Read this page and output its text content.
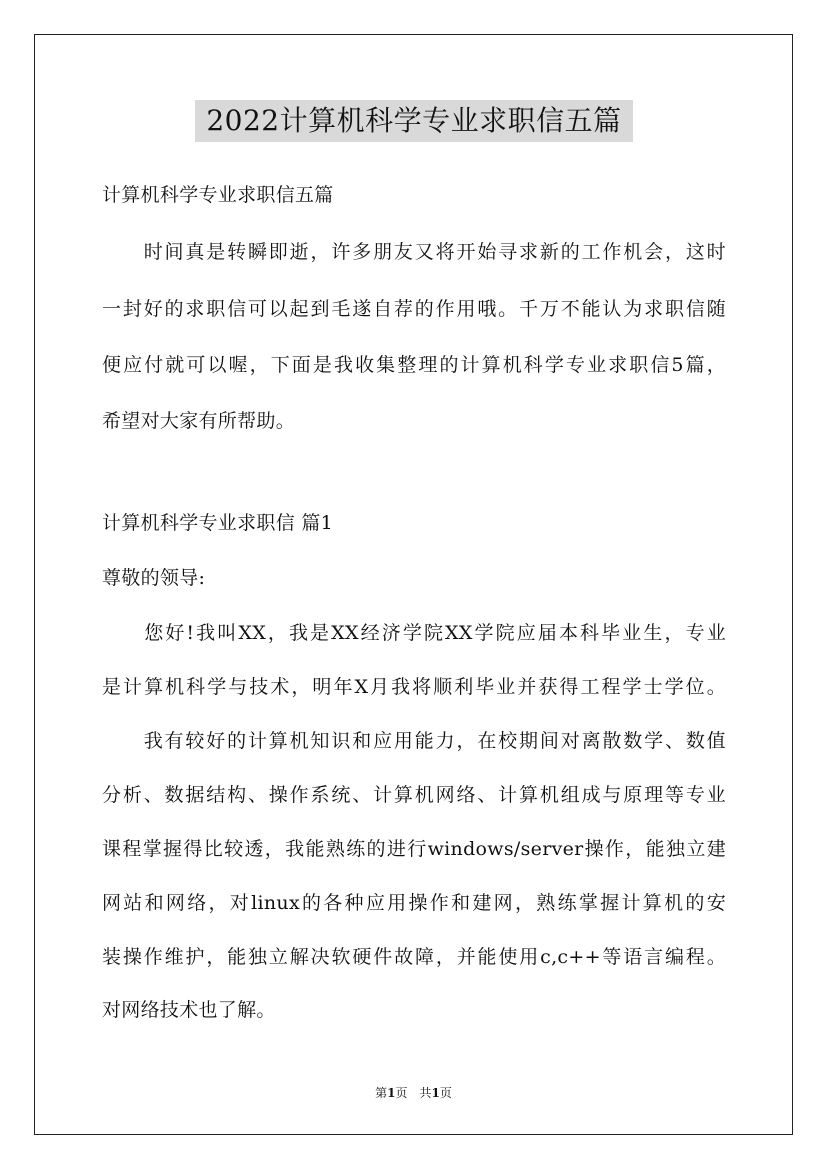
2022计算机科学专业求职信五篇
计算机科学专业求职信五篇
　　时间真是转瞬即逝，许多朋友又将开始寻求新的工作机会，这时
一封好的求职信可以起到毛遂自荐的作用哦。千万不能认为求职信随
便应付就可以喔，下面是我收集整理的计算机科学专业求职信5篇，
希望对大家有所帮助。
计算机科学专业求职信 篇1
尊敬的领导:
　　您好!我叫XX，我是XX经济学院XX学院应届本科毕业生，专业
是计算机科学与技术，明年X月我将顺利毕业并获得工程学士学位。
　　我有较好的计算机知识和应用能力，在校期间对离散数学、数值
分析、数据结构、操作系统、计算机网络、计算机组成与原理等专业
课程掌握得比较透，我能熟练的进行windows/server操作，能独立建
网站和网络，对linux的各种应用操作和建网，熟练掌握计算机的安
装操作维护，能独立解决软硬件故障，并能使用c,c++等语言编程。
对网络技术也了解。
第1页　共1页
